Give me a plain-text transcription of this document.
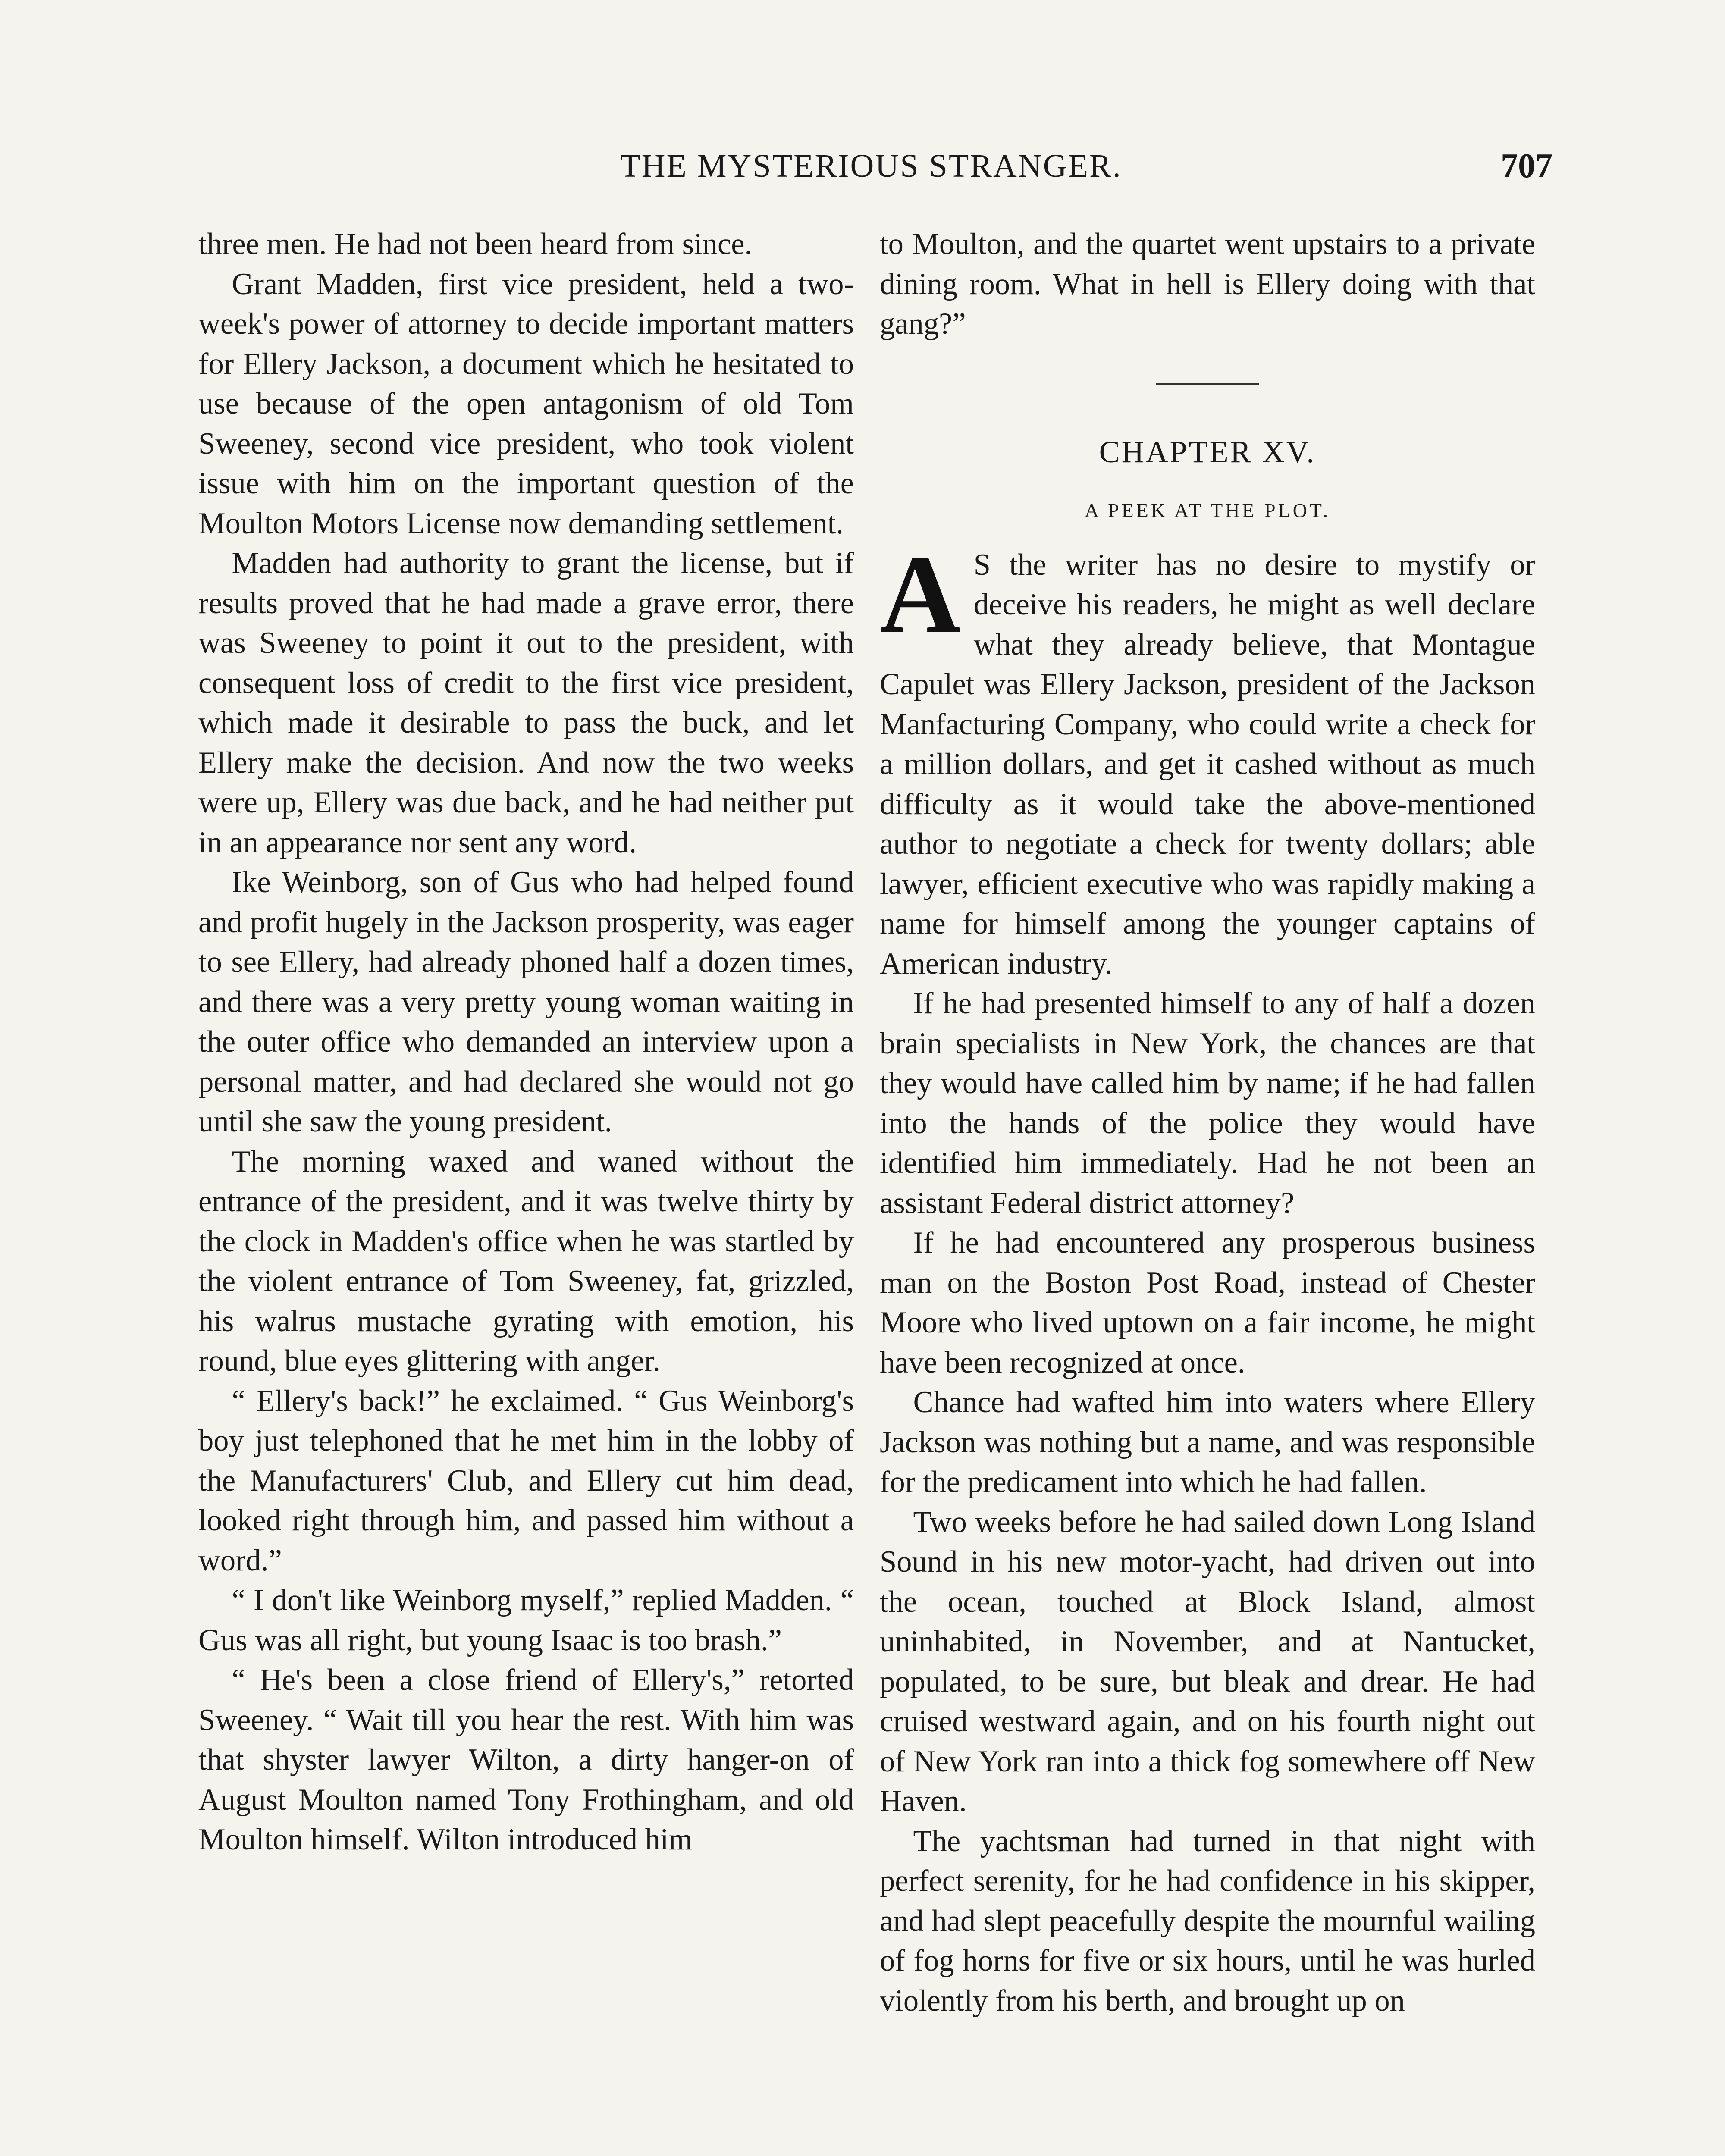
THE MYSTERIOUS STRANGER.	707

three men. He had not been heard from since.

Grant Madden, first vice president, held a two-week's power of attorney to decide important matters for Ellery Jackson, a document which he hesitated to use because of the open antagonism of old Tom Sweeney, second vice president, who took violent issue with him on the important question of the Moulton Motors License now demanding settlement.

Madden had authority to grant the license, but if results proved that he had made a grave error, there was Sweeney to point it out to the president, with consequent loss of credit to the first vice president, which made it desirable to pass the buck, and let Ellery make the decision. And now the two weeks were up, Ellery was due back, and he had neither put in an appearance nor sent any word.

Ike Weinborg, son of Gus who had helped found and profit hugely in the Jackson prosperity, was eager to see Ellery, had already phoned half a dozen times, and there was a very pretty young woman waiting in the outer office who demanded an interview upon a personal matter, and had declared she would not go until she saw the young president.

The morning waxed and waned without the entrance of the president, and it was twelve thirty by the clock in Madden's office when he was startled by the violent entrance of Tom Sweeney, fat, grizzled, his walrus mustache gyrating with emotion, his round, blue eyes glittering with anger.

“ Ellery's back!” he exclaimed. “ Gus Weinborg's boy just telephoned that he met him in the lobby of the Manufacturers' Club, and Ellery cut him dead, looked right through him, and passed him without a word.”

“ I don't like Weinborg myself,” replied Madden. “ Gus was all right, but young Isaac is too brash.”

“ He's been a close friend of Ellery's,” retorted Sweeney. “ Wait till you hear the rest. With him was that shyster lawyer Wilton, a dirty hanger-on of August Moulton named Tony Frothingham, and old Moulton himself. Wilton introduced him

to Moulton, and the quartet went upstairs to a private dining room. What in hell is Ellery doing with that gang?”

CHAPTER XV.
A PEEK AT THE PLOT.

A S the writer has no desire to mystify or deceive his readers, he might as well declare what they already believe, that Montague Capulet was Ellery Jackson, president of the Jackson Manfacturing Company, who could write a check for a million dollars, and get it cashed without as much difficulty as it would take the above-mentioned author to negotiate a check for twenty dollars; able lawyer, efficient executive who was rapidly making a name for himself among the younger captains of American industry.

If he had presented himself to any of half a dozen brain specialists in New York, the chances are that they would have called him by name; if he had fallen into the hands of the police they would have identified him immediately. Had he not been an assistant Federal district attorney?

If he had encountered any prosperous business man on the Boston Post Road, instead of Chester Moore who lived uptown on a fair income, he might have been recognized at once.

Chance had wafted him into waters where Ellery Jackson was nothing but a name, and was responsible for the predicament into which he had fallen.

Two weeks before he had sailed down Long Island Sound in his new motor-yacht, had driven out into the ocean, touched at Block Island, almost uninhabited, in November, and at Nantucket, populated, to be sure, but bleak and drear. He had cruised westward again, and on his fourth night out of New York ran into a thick fog somewhere off New Haven.

The yachtsman had turned in that night with perfect serenity, for he had confidence in his skipper, and had slept peacefully despite the mournful wailing of fog horns for five or six hours, until he was hurled violently from his berth, and brought up on
